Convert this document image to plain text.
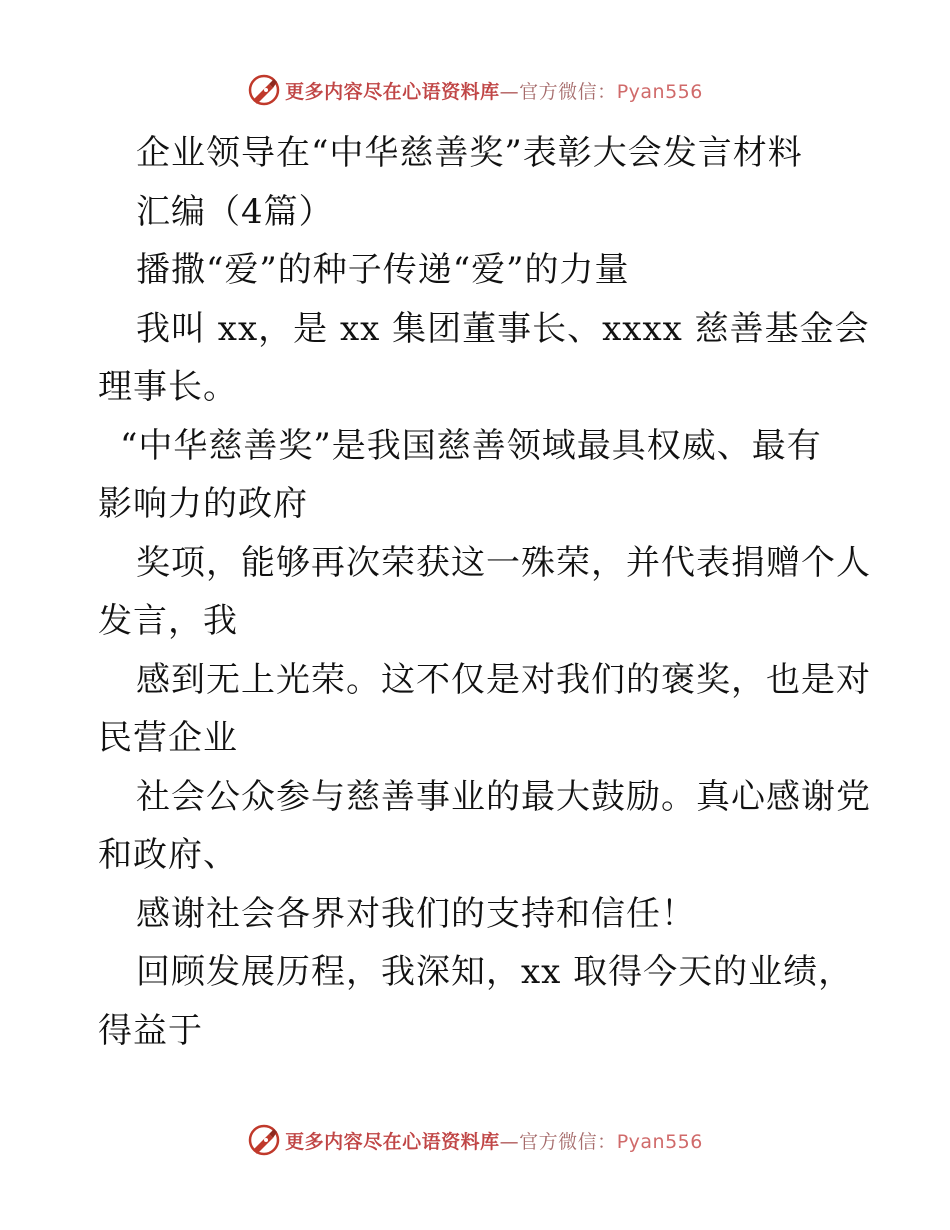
更多内容尽在心语资料库—官方微信：Pyan556
企业领导在“中华慈善奖”表彰大会发言材料
汇编（4篇）
播撒“爱”的种子传递“爱”的力量
我叫 xx，是 xx 集团董事长、xxxx 慈善基金会
理事长。
“中华慈善奖”是我国慈善领域最具权威、最有
影响力的政府
奖项，能够再次荣获这一殊荣，并代表捐赠个人
发言，我
感到无上光荣。这不仅是对我们的褒奖，也是对
民营企业
社会公众参与慈善事业的最大鼓励。真心感谢党
和政府、
感谢社会各界对我们的支持和信任！
回顾发展历程，我深知，xx 取得今天的业绩，
得益于
更多内容尽在心语资料库—官方微信：Pyan556
